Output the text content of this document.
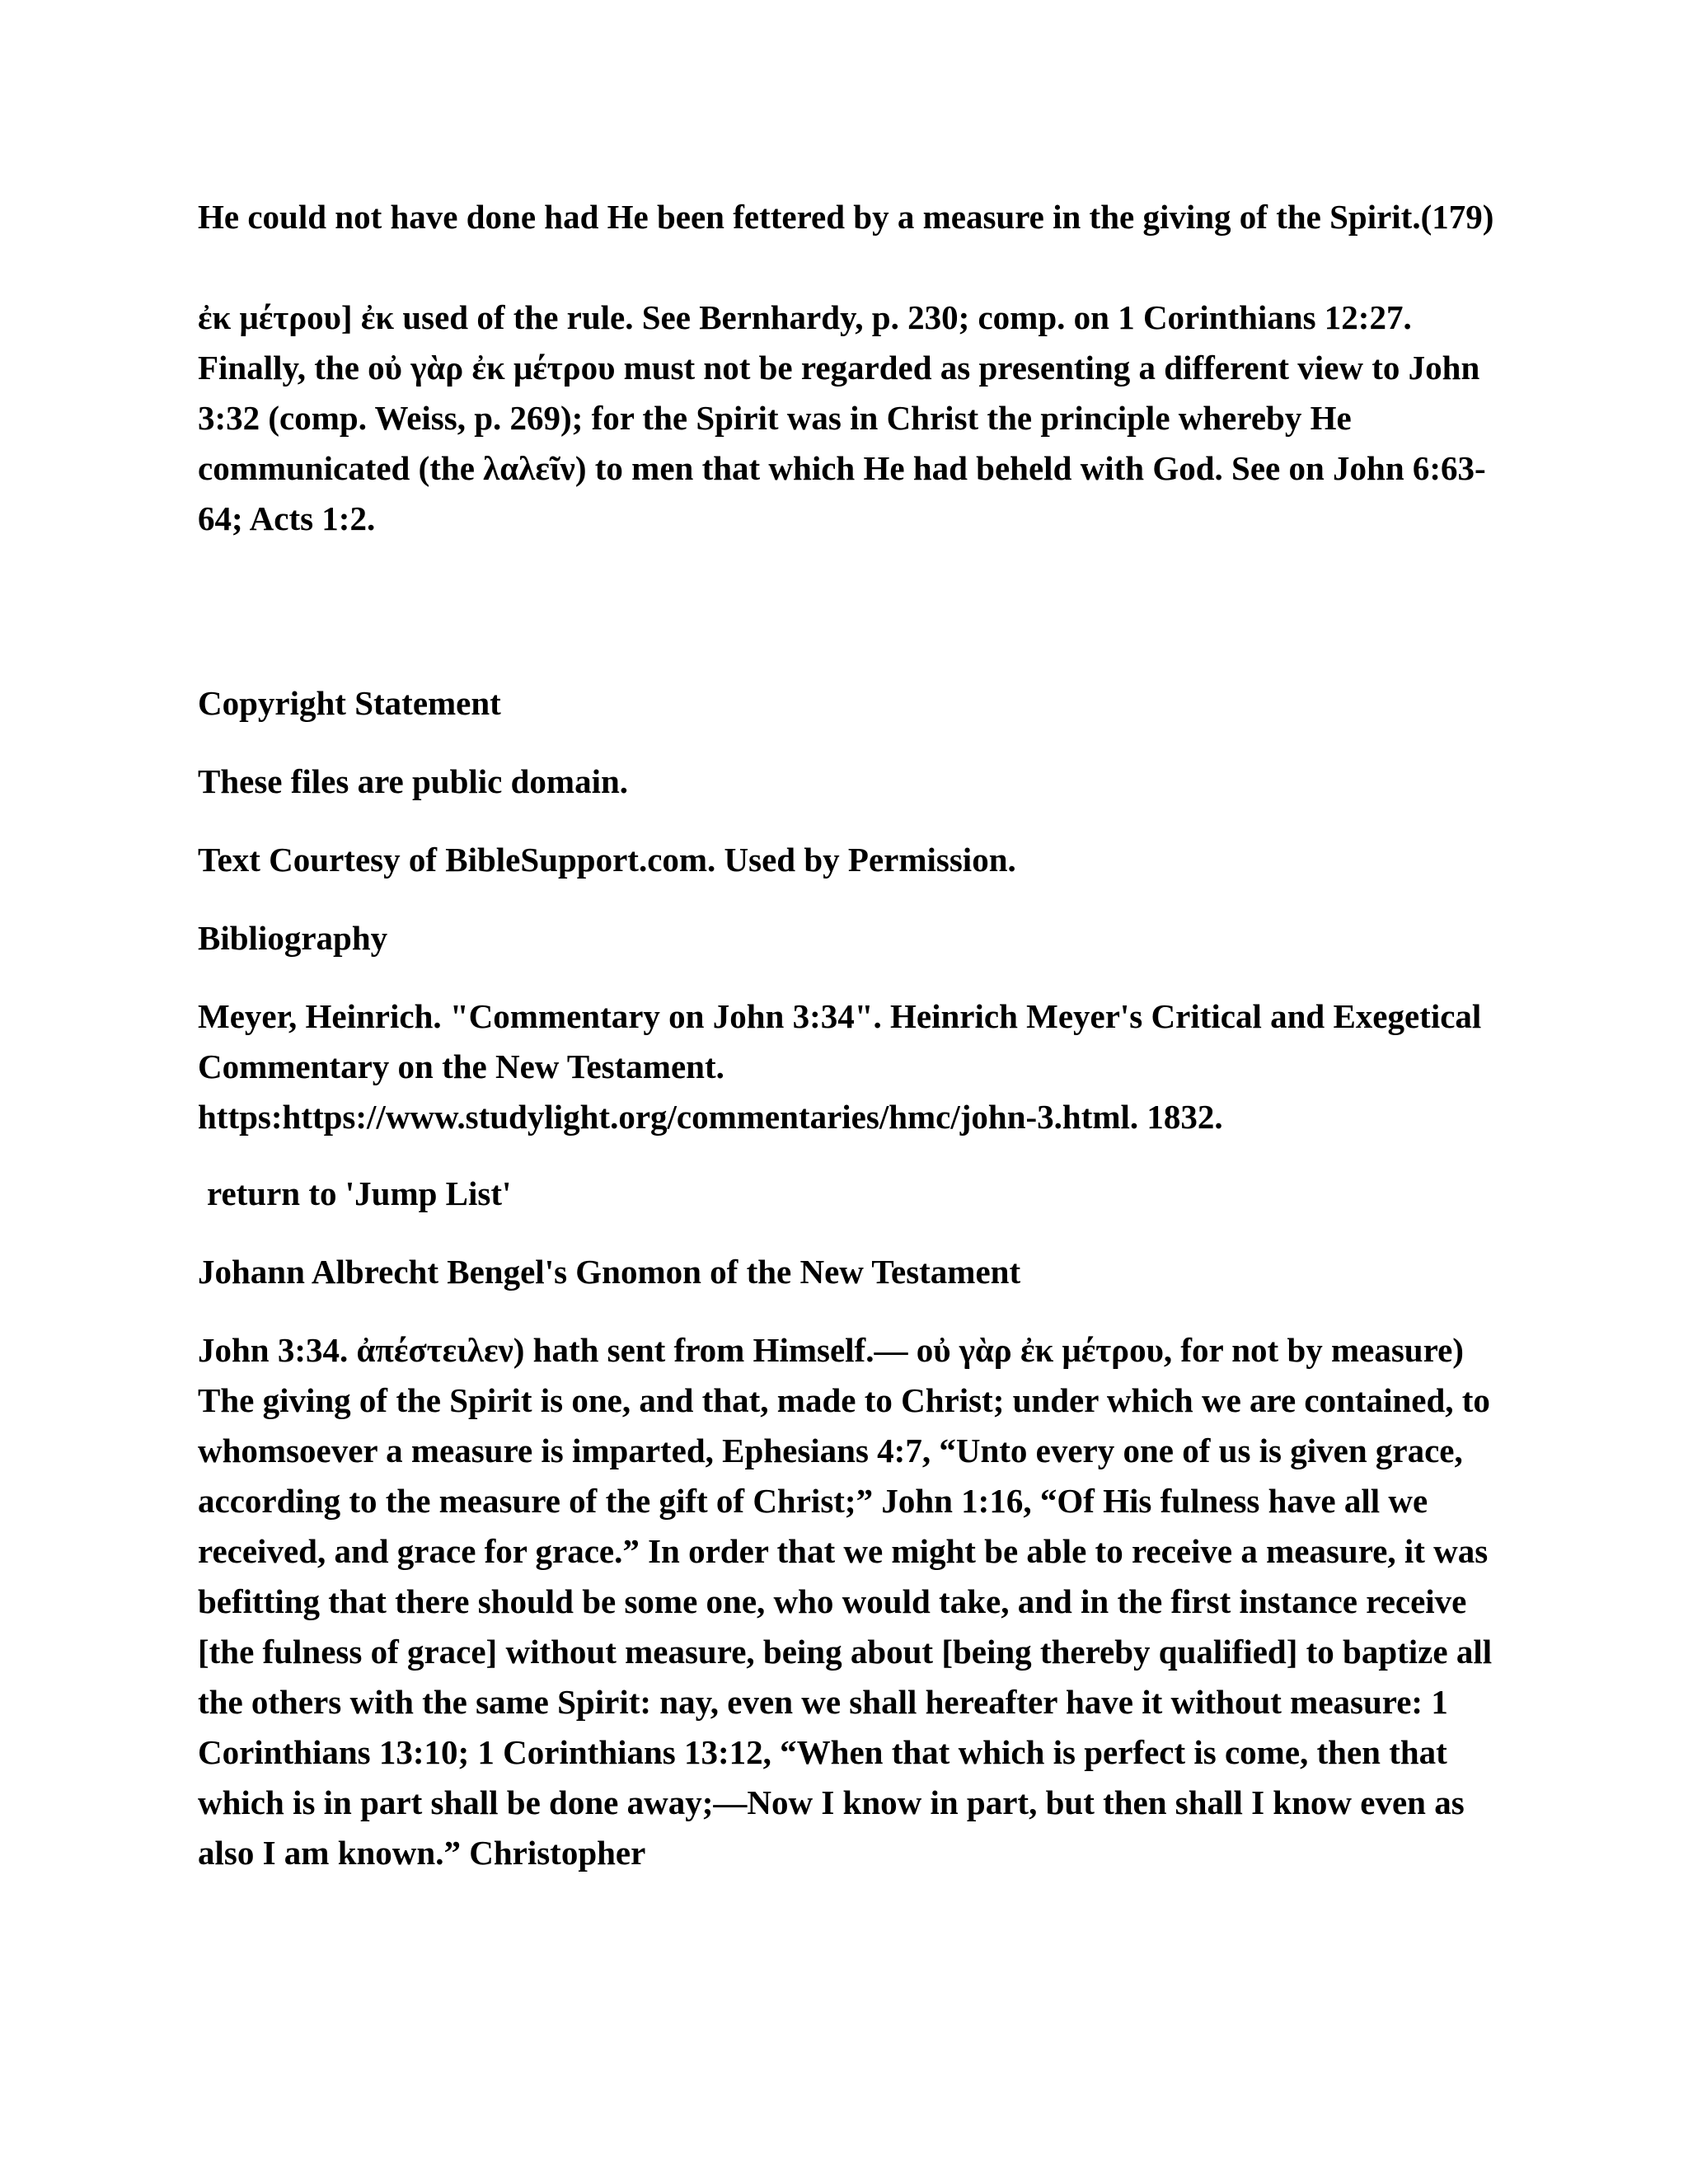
He could not have done had He been fettered by a measure in the giving of the Spirit.(179)

ἐκ μέτρου] ἐκ used of the rule. See Bernhardy, p. 230; comp. on 1 Corinthians 12:27. Finally, the οὐ γὰρ ἐκ μέτρου must not be regarded as presenting a different view to John 3:32 (comp. Weiss, p. 269); for the Spirit was in Christ the principle whereby He communicated (the λαλεῖν) to men that which He had beheld with God. See on John 6:63-64; Acts 1:2.

Copyright Statement

These files are public domain.

Text Courtesy of BibleSupport.com. Used by Permission.

Bibliography

Meyer, Heinrich. "Commentary on John 3:34". Heinrich Meyer's Critical and Exegetical Commentary on the New Testament. https:https://www.studylight.org/commentaries/hmc/john-3.html. 1832.

return to 'Jump List'

Johann Albrecht Bengel's Gnomon of the New Testament

John 3:34. ἀπέστειλεν) hath sent from Himself.— οὐ γὰρ ἐκ μέτρου, for not by measure) The giving of the Spirit is one, and that, made to Christ; under which we are contained, to whomsoever a measure is imparted, Ephesians 4:7, “Unto every one of us is given grace, according to the measure of the gift of Christ;” John 1:16, “Of His fulness have all we received, and grace for grace.” In order that we might be able to receive a measure, it was befitting that there should be some one, who would take, and in the first instance receive [the fulness of grace] without measure, being about [being thereby qualified] to baptize all the others with the same Spirit: nay, even we shall hereafter have it without measure: 1 Corinthians 13:10; 1 Corinthians 13:12, “When that which is perfect is come, then that which is in part shall be done away;—Now I know in part, but then shall I know even as also I am known.” Christopher
